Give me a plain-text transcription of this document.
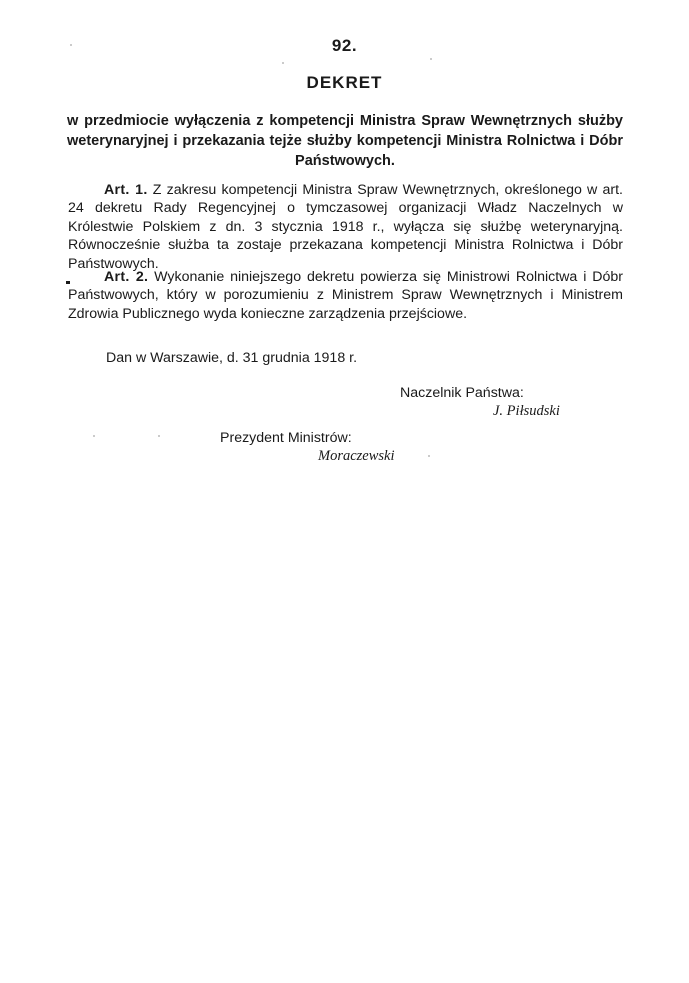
92.
DEKRET
w przedmiocie wyłączenia z kompetencji Ministra Spraw Wewnętrznych służby weterynaryjnej i przekazania tejże służby kompetencji Ministra Rolnictwa i Dóbr Państwowych.
Art. 1. Z zakresu kompetencji Ministra Spraw Wewnętrznych, określonego w art. 24 dekretu Rady Regencyjnej o tymczasowej organizacji Władz Naczelnych w Królestwie Polskiem z dn. 3 stycznia 1918 r., wyłącza się służbę weterynaryjną. Równocześnie służba ta zostaje przekazana kompetencji Ministra Rolnictwa i Dóbr Państwowych.
Art. 2. Wykonanie niniejszego dekretu powierza się Ministrowi Rolnictwa i Dóbr Państwowych, który w porozumieniu z Ministrem Spraw Wewnętrznych i Ministrem Zdrowia Publicznego wyda konieczne zarządzenia przejściowe.
Dan w Warszawie, d. 31 grudnia 1918 r.
Naczelnik Państwa:
J. Piłsudski
Prezydent Ministrów:
Moraczewski
